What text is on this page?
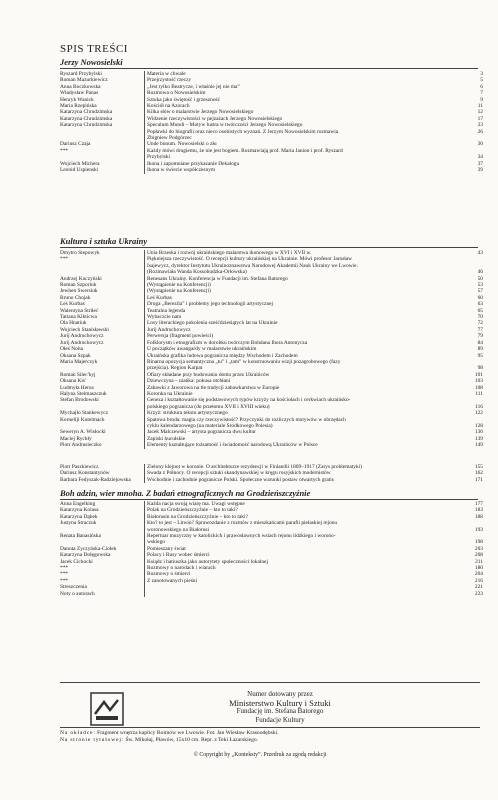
SPIS TREŚCI
Jerzy Nowosielski
Ryszard Przybylski	Materia w chwale	3
Roman Mazurkiewicz	Przejrzystość rzeczy	5
Anna Boczkowska	„Jest tylko Beatrycze, i właśnie jej nie ma”	6
Władysław Panas	Rozmowa o Nowosielskim	7
Henryk Wanick	Sztuka jako świętość i grzeszność	9
Maria Rzepińska	Kościół na Azorach	11
Katarzyna Chrudzimska	Kilka słów o malarstwie Jerzego Nowosielskiego	12
Katarzyna Chrudzimska	Widzenie rzeczywistości w pejzażach Jerzego Nowosielskiego	17
Katarzyna Chrudzimska	Speculum Mundi – Motyw lustra w twórczości Jerzego Nowosielskiego	23
Popławki do biografii oraz nieco osobistych wyznań. Z Jerzym Nowosielskim rozmawia	26
Zbigniew Podgórzec
Dariusz Czaja	Unde bonum. Nowosielski o złu	30
***	Każdy mówi drugiemu, że nie jest bogiem. Rozmawiają prof. Maria Janion i prof. Ryszard
Przybylski	34
Wojciech Michera	Ikona i zapomniane przykazanie Dekalogu	37
Leonid Uspienski	Ikona w świecie współczesnym	39
Kultura i sztuka Ukrainy
Dmytro Stepowyk	Unia Brzeska i rozwój ukraińskiego malarstwa ikonowego w XVI i XVII w.	43
***	Piękniejsza rzeczywistość. O recepcji kultury ukraińskiej na Ukrainie. Mówi profesor Jarosław
Isajewycz, dyrektor Instytutu Ukrainoznawstwa Narodowej Akademii Nauk Ukrainy we Lwowie.
(Rozmawiała Wanda Kossobudzka-Orłowska)	46
Andrzej Kuczyński	Renesans Ukrainy. Konferencja w Fundacji im. Stefana Batorego	50
Roman Szporluk	(Wystąpienie na Konferencji)	53
Jewhen Swersiuk	(Wystąpienie na Konferencji)	57
Bruno Chojak	Leś Kurbas	60
Leś Kurbas	Droga „Berezila” i problemy jego technologii artystycznej	63
Walentyna Striłeć	Teatralna legenda	65
Tatiana Kikticwa	Wybaczcie nam	70
Ola Hnatiuk	Losy literackiego pokolenia sześćdziesiątych lat na Ukrainie	72
Wojciech Stanisławski	Jurij Andruchowycz	77
Jurij Andruchowycz	Perwersja (fragment powieści)	79
Jurij Andruchowycz	Folklorysm i etnografizm w dorobku twórczym Bohdana Ihora Antonycza	84
Ołeś Noha	U początków awangardy w malarstwie ukraińskim	89
Oksana Szpak	Ukraińska grafika ludowa pogranicza między Wschodem i Zachodem	95
Maria Majerczyk	Binarna opozycja semantyczna „tu” i „tam” w konstruowaniu wizji pozagrobowego (fazy
przejścia). Region Karpat	98
Roman Silec'kyj	Ofiary składane przy budowaniu domu przez Ukraińców	101
Oksana Kis'	Dziewczyna – niańka: pokusa otchłani	103
Ludmyła Herus	Zabawki z Jaworowa na tle tradycji zabawkarstwa w Europie	108
Halyna Stelmaszczuk	Koronka na Ukrainie	111
Stefan Brodowski	Geneza i kształtowanie się podstawowych typów krzyży na kościołach i cerkwiach ukraińsko-
polskiego pogranicza (do przełomu XVII i XVIII wieku)	116
Mychajło Stankewycz	Krzyż: struktura tekstu artystycznego	122
Korneliji Kutelmach	Spatowa broda: magia czy rzeczywistość? Przyczynki do rozliczych motywów w obrzędach
cyklu kalendarzowego (na materiale Środkowego Polesia)	128
Seweryn A. Wisłocki	Jacek Malczewski – artysta pogranicza dwu kultur	136
Maciej Rychły	Zapiski hucułskie	139
Piotr Andrusieczko	Elementy kształtujące tożsamość i świadomość narodową Ukraińców w Polsce	149
Piotr Paszkiewicz	Zielony klejnot w koronie. O architekturze rezydencji w Finlandii 1809–1917 (Zarys problematyki)	155
Dariusz Konstantynów	Swada z Północy. O recepcji sztuki skandynawskiej w kręgu rosyjskich modernistów	162
Barbara Fedyszak-Radziejowska	Wschodnie i zachodnie pogranicze Polski. Społeczne warunki postaw otwartych gratis	171
Boh adzin, wier mnoha. Z badań etnograficznych na Grodzieńszczyźnie
Anna Engelking	Każda nacja swoją wiarę ma. Uwagi wstępne	177
Katarzyna Kolasa	Polak na Grodzieńszczyźnie – kto to taki?	183
Katarzyna Dąbek	Białorusin na Grodzieńszczyźnie – kto to taki?	188
Justyna Straczuk	Kto? to jest – Litwin? Sprawozdanie z rozmów z mieszkańcami parafii pielaskiej rejonu
woronowskiego na Białorusi	193
Renata Banasińska	Repertuar muzyczny w katolickich i prawosławnych wsiach rejonu lidzkiego i worono-
wskiego	198
Danuta Życzyńska-Ciołek	Pomieszany świat	203
Katarzyna Dołęgowska	Polacy i Rusy wobec śmierci	208
Jacek Cichocki	Ksiądz i batiuszka jako autorytety społeczności lokalnej	211
***	Rozmowy o narodach i wiarach	180
***	Rozmowy o śmierci	204
***	Z zanotowanych pieśni	216
Streszczenia	221
Noty o autorach	223
Na okładce: Fragment wnętrza kaplicy Boimów we Lwowie. Fot. Jan Wiesław Krasnodębski.
Na stronie tytułowej: Św. Mikołaj, Pławów, 15x10 cm. Repr. z Teki Łazarskiego.
© Copyright by „Konteksty”. Przedruk za zgodą redakcji
Numer dotowany przez
Ministerstwo Kultury i Sztuki
Fundację im. Stefana Batorego
Fundacje Kultury
